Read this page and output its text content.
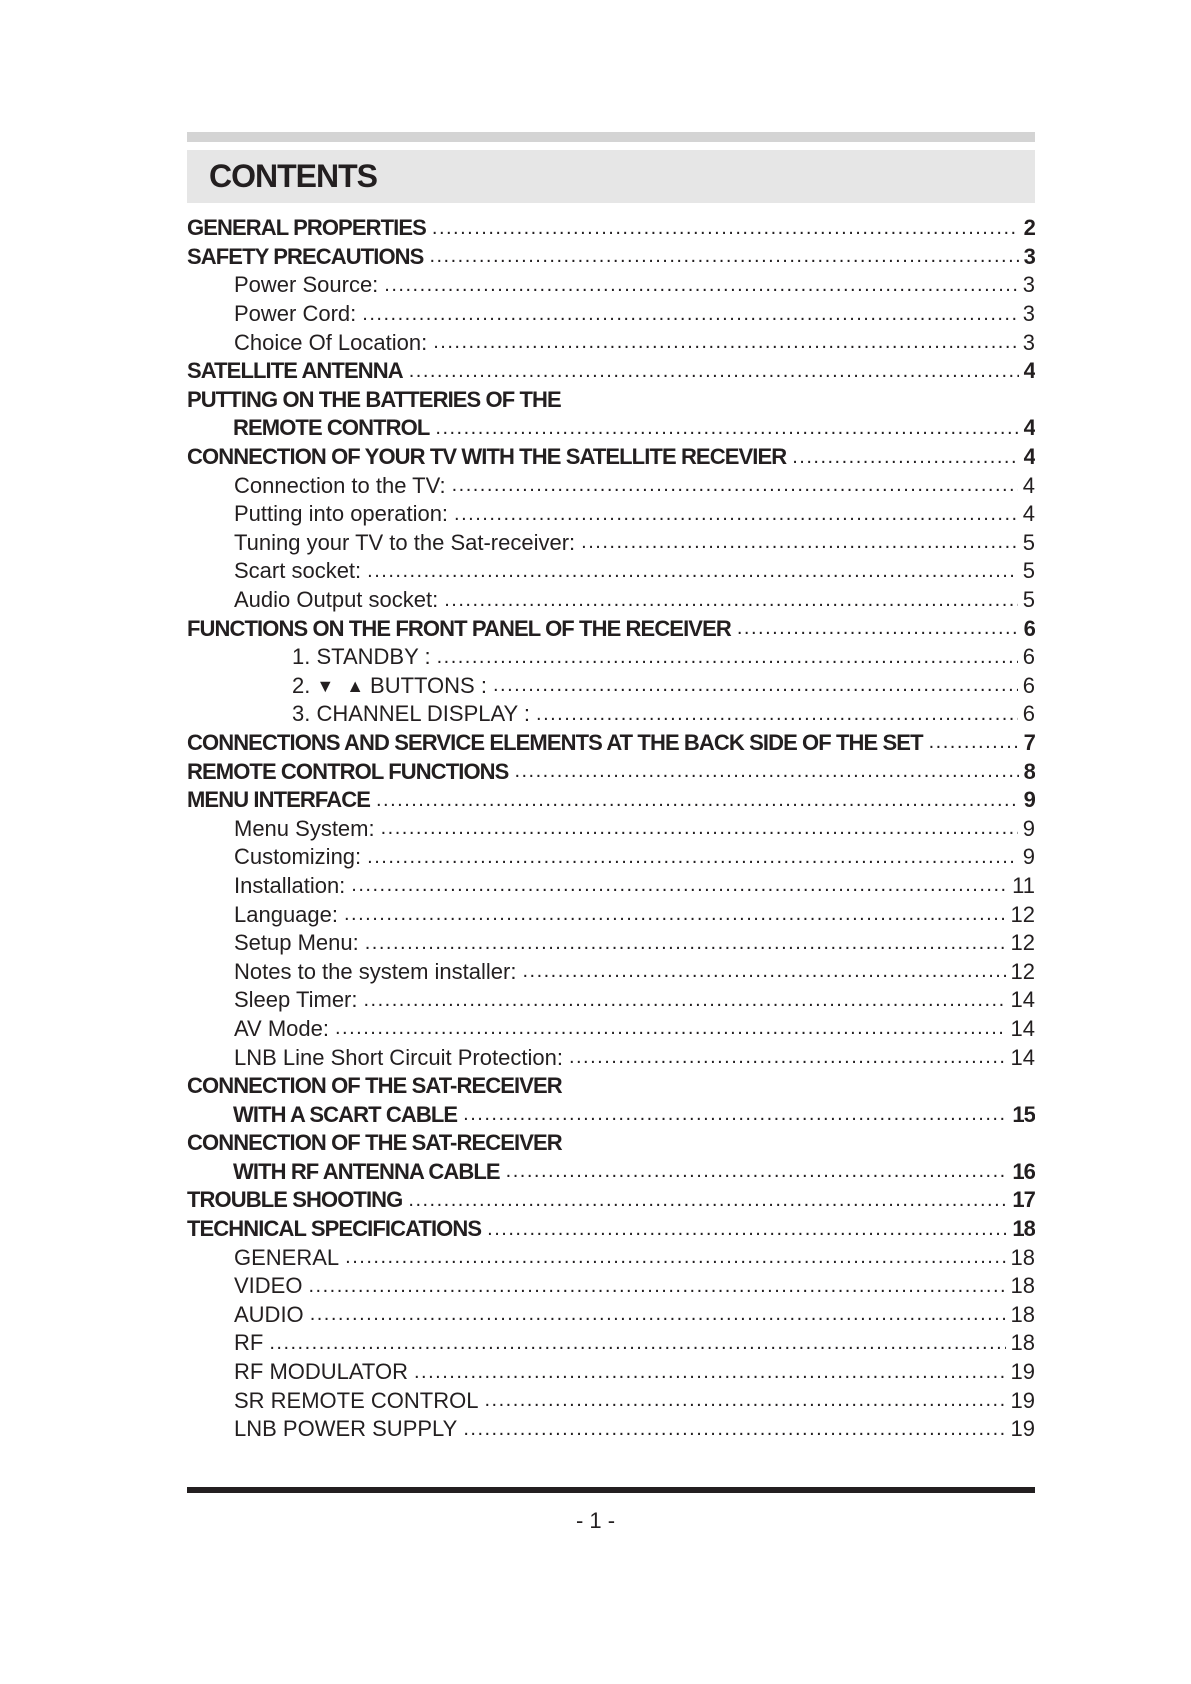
CONTENTS
GENERAL PROPERTIES .....	2
SAFETY PRECAUTIONS .....	3
Power Source: .....	3
Power Cord: .....	3
Choice Of Location: .....	3
SATELLITE ANTENNA .....	4
PUTTING ON THE BATTERIES OF THE
REMOTE CONTROL .....	4
CONNECTION OF YOUR TV WITH THE SATELLITE RECEVIER .....	4
Connection to the TV: .....	4
Putting into operation: .....	4
Tuning your TV to the Sat-receiver: .....	5
Scart socket: .....	5
Audio Output socket: .....	5
FUNCTIONS ON THE FRONT PANEL OF THE RECEIVER .....	6
1. STANDBY : .....	6
2. ▼ ▲ BUTTONS : .....	6
3. CHANNEL DISPLAY : .....	6
CONNECTIONS AND SERVICE ELEMENTS AT THE BACK SIDE OF THE SET .....	7
REMOTE CONTROL FUNCTIONS .....	8
MENU INTERFACE .....	9
Menu System: .....	9
Customizing: .....	9
Installation: .....	11
Language: .....	12
Setup Menu: .....	12
Notes to the system installer: .....	12
Sleep Timer: .....	14
AV Mode: .....	14
LNB Line Short Circuit Protection: .....	14
CONNECTION OF THE SAT-RECEIVER
WITH A SCART CABLE .....	15
CONNECTION OF THE SAT-RECEIVER
WITH RF ANTENNA CABLE .....	16
TROUBLE SHOOTING .....	17
TECHNICAL SPECIFICATIONS .....	18
GENERAL .....	18
VIDEO .....	18
AUDIO .....	18
RF .....	18
RF MODULATOR .....	19
SR REMOTE CONTROL .....	19
LNB POWER SUPPLY .....	19
- 1 -
